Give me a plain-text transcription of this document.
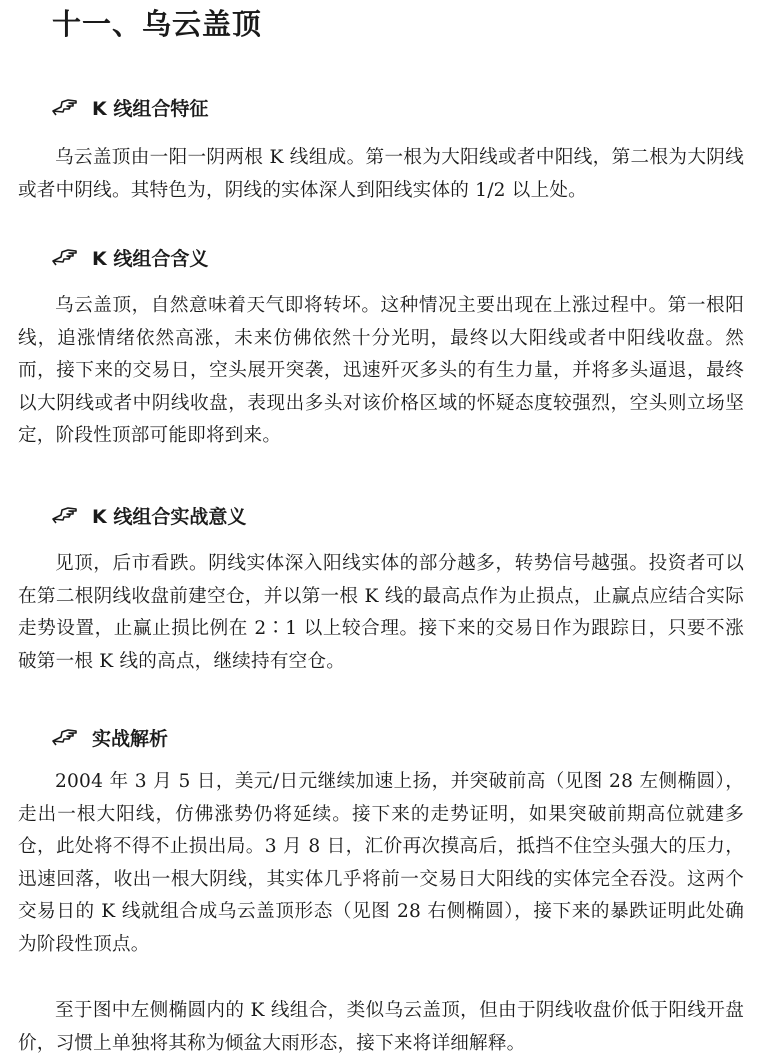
十一、乌云盖顶
K 线组合特征

乌云盖顶由一阳一阴两根 K 线组成。第一根为大阳线或者中阳线，第二根为大阴线或者中阴线。其特色为，阴线的实体深人到阳线实体的 1/2 以上处。

K 线组合含义

乌云盖顶，自然意味着天气即将转坏。这种情况主要出现在上涨过程中。第一根阳线，追涨情绪依然高涨，未来仿佛依然十分光明，最终以大阳线或者中阳线收盘。然而，接下来的交易日，空头展开突袭，迅速歼灭多头的有生力量，并将多头逼退，最终以大阴线或者中阴线收盘，表现出多头对该价格区域的怀疑态度较强烈，空头则立场坚定，阶段性顶部可能即将到来。

K 线组合实战意义

见顶，后市看跌。阴线实体深入阳线实体的部分越多，转势信号越强。投资者可以在第二根阴线收盘前建空仓，并以第一根 K 线的最高点作为止损点，止赢点应结合实际走势设置，止赢止损比例在 2∶1 以上较合理。接下来的交易日作为跟踪日，只要不涨破第一根 K 线的高点，继续持有空仓。

实战解析

2004 年 3 月 5 日，美元/日元继续加速上扬，并突破前高（见图 28 左侧椭圆），走出一根大阳线，仿佛涨势仍将延续。接下来的走势证明，如果突破前期高位就建多仓，此处将不得不止损出局。3 月 8 日，汇价再次摸高后，抵挡不住空头强大的压力，迅速回落，收出一根大阴线，其实体几乎将前一交易日大阳线的实体完全吞没。这两个交易日的 K 线就组合成乌云盖顶形态（见图 28 右侧椭圆），接下来的暴跌证明此处确为阶段性顶点。

至于图中左侧椭圆内的 K 线组合，类似乌云盖顶，但由于阴线收盘价低于阳线开盘价，习惯上单独将其称为倾盆大雨形态，接下来将详细解释。
